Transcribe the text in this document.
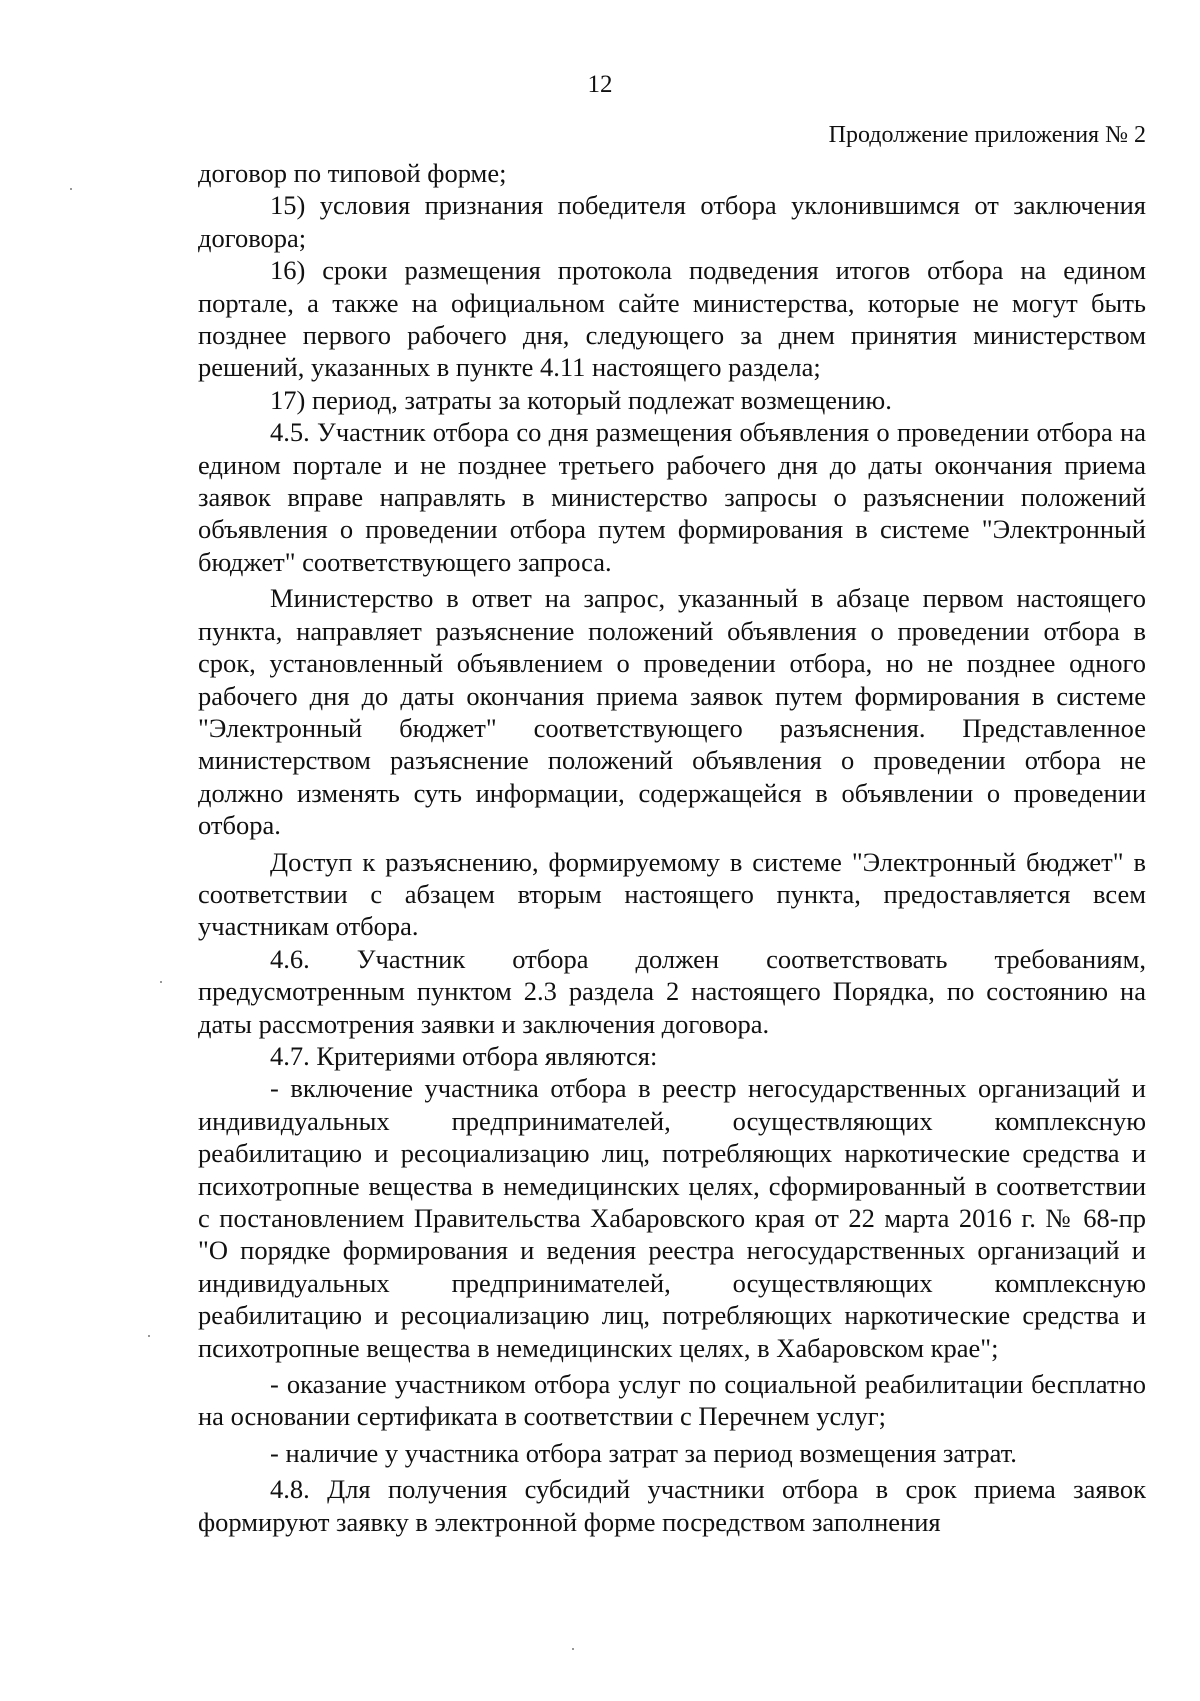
12
Продолжение приложения № 2

договор по типовой форме;

15) условия признания победителя отбора уклонившимся от заключения договора;

16) сроки размещения протокола подведения итогов отбора на едином портале, а также на официальном сайте министерства, которые не могут быть позднее первого рабочего дня, следующего за днем принятия министерством решений, указанных в пункте 4.11 настоящего раздела;

17) период, затраты за который подлежат возмещению.

4.5. Участник отбора со дня размещения объявления о проведении отбора на едином портале и не позднее третьего рабочего дня до даты окончания приема заявок вправе направлять в министерство запросы о разъяснении положений объявления о проведении отбора путем формирования в системе "Электронный бюджет" соответствующего запроса.

Министерство в ответ на запрос, указанный в абзаце первом настоящего пункта, направляет разъяснение положений объявления о проведении отбора в срок, установленный объявлением о проведении отбора, но не позднее одного рабочего дня до даты окончания приема заявок путем формирования в системе "Электронный бюджет" соответствующего разъяснения. Представленное министерством разъяснение положений объявления о проведении отбора не должно изменять суть информации, содержащейся в объявлении о проведении отбора.

Доступ к разъяснению, формируемому в системе "Электронный бюджет" в соответствии с абзацем вторым настоящего пункта, предоставляется всем участникам отбора.

4.6. Участник отбора должен соответствовать требованиям, предусмотренным пунктом 2.3 раздела 2 настоящего Порядка, по состоянию на даты рассмотрения заявки и заключения договора.

4.7. Критериями отбора являются:

- включение участника отбора в реестр негосударственных организаций и индивидуальных предпринимателей, осуществляющих комплексную реабилитацию и ресоциализацию лиц, потребляющих наркотические средства и психотропные вещества в немедицинских целях, сформированный в соответствии с постановлением Правительства Хабаровского края от 22 марта 2016 г. № 68-пр "О порядке формирования и ведения реестра негосударственных организаций и индивидуальных предпринимателей, осуществляющих комплексную реабилитацию и ресоциализацию лиц, потребляющих наркотические средства и психотропные вещества в немедицинских целях, в Хабаровском крае";

- оказание участником отбора услуг по социальной реабилитации бесплатно на основании сертификата в соответствии с Перечнем услуг;

- наличие у участника отбора затрат за период возмещения затрат.

4.8. Для получения субсидий участники отбора в срок приема заявок формируют заявку в электронной форме посредством заполнения
